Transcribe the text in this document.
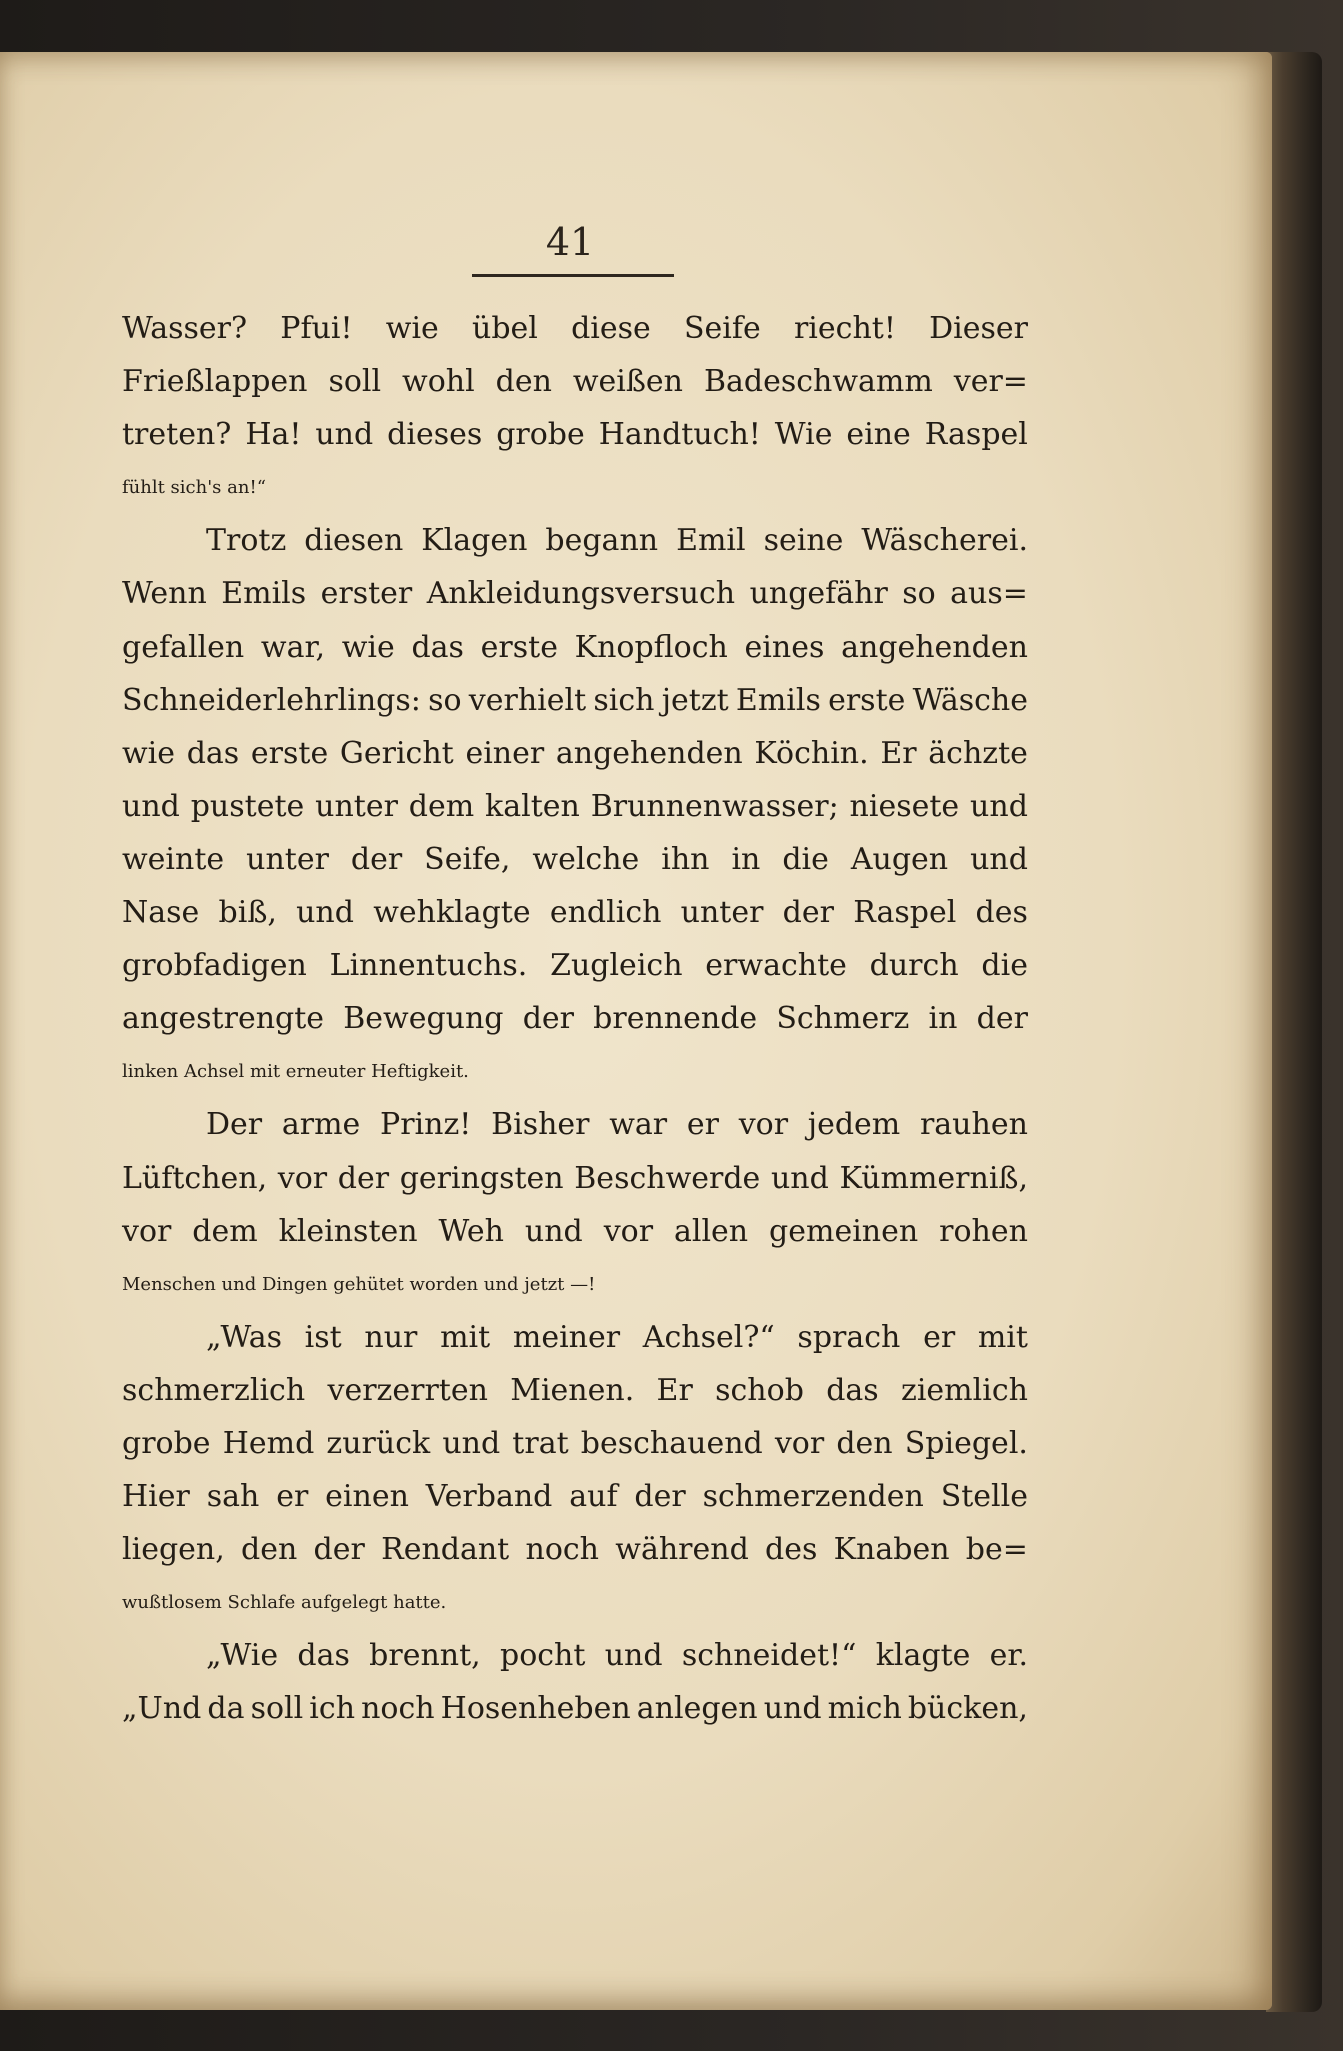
41
Wasser? Pfui! wie übel diese Seife riecht! Dieser
Frießlappen soll wohl den weißen Badeschwamm ver=
treten? Ha! und dieses grobe Handtuch! Wie eine Raspel
fühlt sich's an!“
Trotz diesen Klagen begann Emil seine Wäscherei.
Wenn Emils erster Ankleidungsversuch ungefähr so aus=
gefallen war, wie das erste Knopfloch eines angehenden
Schneiderlehrlings: so verhielt sich jetzt Emils erste Wäsche
wie das erste Gericht einer angehenden Köchin. Er ächzte
und pustete unter dem kalten Brunnenwasser; niesete und
weinte unter der Seife, welche ihn in die Augen und
Nase biß, und wehklagte endlich unter der Raspel des
grobfadigen Linnentuchs. Zugleich erwachte durch die
angestrengte Bewegung der brennende Schmerz in der
linken Achsel mit erneuter Heftigkeit.
Der arme Prinz! Bisher war er vor jedem rauhen
Lüftchen, vor der geringsten Beschwerde und Kümmerniß,
vor dem kleinsten Weh und vor allen gemeinen rohen
Menschen und Dingen gehütet worden und jetzt —!
„Was ist nur mit meiner Achsel?“ sprach er mit
schmerzlich verzerrten Mienen. Er schob das ziemlich
grobe Hemd zurück und trat beschauend vor den Spiegel.
Hier sah er einen Verband auf der schmerzenden Stelle
liegen, den der Rendant noch während des Knaben be=
wußtlosem Schlafe aufgelegt hatte.
„Wie das brennt, pocht und schneidet!“ klagte er.
„Und da soll ich noch Hosenheben anlegen und mich bücken,
